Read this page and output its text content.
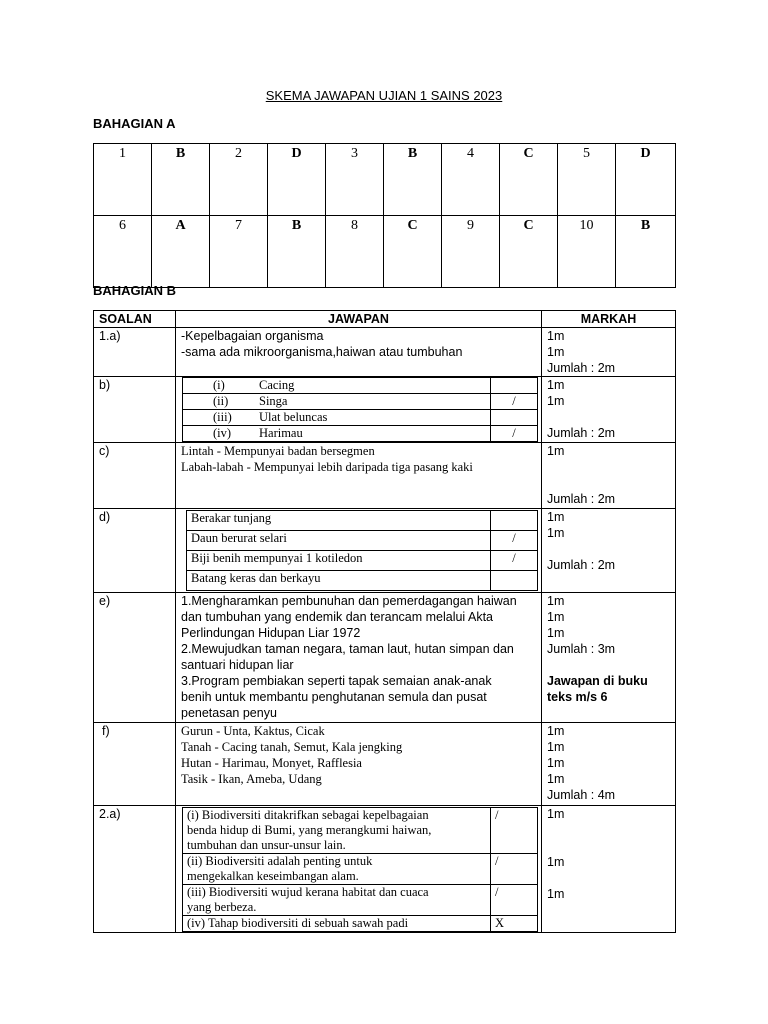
SKEMA JAWAPAN UJIAN 1 SAINS 2023
BAHAGIAN A
1	B	2	D	3	B	4	C	5	D
6	A	7	B	8	C	9	C	10	B
BAHAGIAN B
SOALAN	JAWAPAN	MARKAH
1.a)	-Kepelbagaian organisma
-sama ada mikroorganisma,haiwan atau tumbuhan

1m
1m
Jumlah : 2m

b)		(i)	Cacing	
(ii) Singa	/
(iii) Ulat beluncas	
(iv) Harimau	/

1m
1m
Jumlah : 2m

c)	Lintah - Mempunyai badan bersegmen
Labah-labah - Mempunyai lebih daripada tiga pasang kaki

1m
Jumlah : 2m

d)		Berakar tunjang	
Daun berurat selari	/
Biji benih mempunyai 1 kotiledon	/
Batang keras dan berkayu	

1m
1m
Jumlah : 2m

e)	1.Mengharamkan pembunuhan dan pemerdagangan haiwan
dan tumbuhan yang endemik dan terancam melalui Akta
Perlindungan Hidupan Liar 1972
2.Mewujudkan taman negara, taman laut, hutan simpan dan
santuari hidupan liar
3.Program pembiakan seperti tapak semaian anak-anak
benih untuk membantu penghutanan semula dan pusat
penetasan penyu

1m
1m
1m
Jumlah : 3m
Jawapan di buku
teks m/s 6

f)	Gurun - Unta, Kaktus, Cicak
Tanah - Cacing tanah, Semut, Kala jengking
Hutan - Harimau, Monyet, Rafflesia
Tasik - Ikan, Ameba, Udang

1m
1m
1m
1m
Jumlah : 4m

2.a)		(i) Biodiversiti ditakrifkan sebagai kepelbagaian
benda hidup di Bumi, yang merangkumi haiwan,
tumbuhan dan unsur-unsur lain.
	/

(ii) Biodiversiti adalah penting untuk
mengekalkan keseimbangan alam.
	/

(iii) Biodiversiti wujud kerana habitat dan cuaca
yang berbeza.
	/

(iv) Tahap biodiversiti di sebuah sawah padi	X

1m
1m
1m
